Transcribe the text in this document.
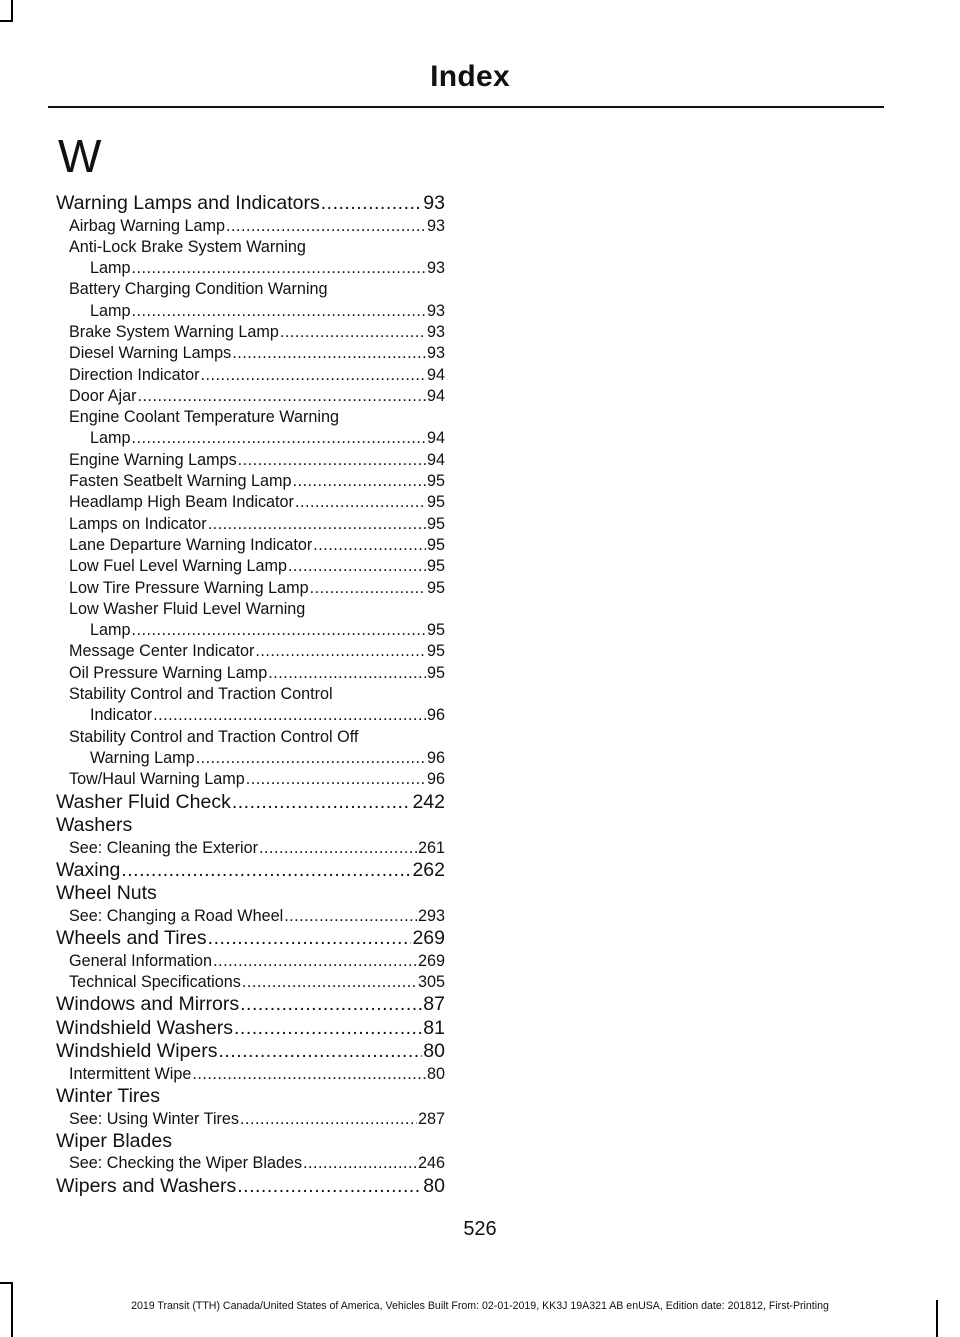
Index
W
Warning Lamps and Indicators .....	93
Airbag Warning Lamp .....	93
Anti-Lock Brake System Warning
Lamp .....	93
Battery Charging Condition Warning
Lamp .....	93
Brake System Warning Lamp .....	93
Diesel Warning Lamps .....	93
Direction Indicator .....	94
Door Ajar .....	94
Engine Coolant Temperature Warning
Lamp .....	94
Engine Warning Lamps .....	94
Fasten Seatbelt Warning Lamp .....	95
Headlamp High Beam Indicator .....	95
Lamps on Indicator .....	95
Lane Departure Warning Indicator .....	95
Low Fuel Level Warning Lamp .....	95
Low Tire Pressure Warning Lamp .....	95
Low Washer Fluid Level Warning
Lamp .....	95
Message Center Indicator .....	95
Oil Pressure Warning Lamp .....	95
Stability Control and Traction Control
Indicator .....	96
Stability Control and Traction Control Off
Warning Lamp .....	96
Tow/Haul Warning Lamp .....	96
Washer Fluid Check .....	242
Washers
See: Cleaning the Exterior .....	261
Waxing .....	262
Wheel Nuts
See: Changing a Road Wheel .....	293
Wheels and Tires .....	269
General Information .....	269
Technical Specifications .....	305
Windows and Mirrors .....	87
Windshield Washers .....	81
Windshield Wipers .....	80
Intermittent Wipe .....	80
Winter Tires
See: Using Winter Tires .....	287
Wiper Blades
See: Checking the Wiper Blades .....	246
Wipers and Washers .....	80
526
2019 Transit (TTH) Canada/United States of America, Vehicles Built From: 02-01-2019, KK3J 19A321 AB enUSA, Edition date: 201812, First-Printing
